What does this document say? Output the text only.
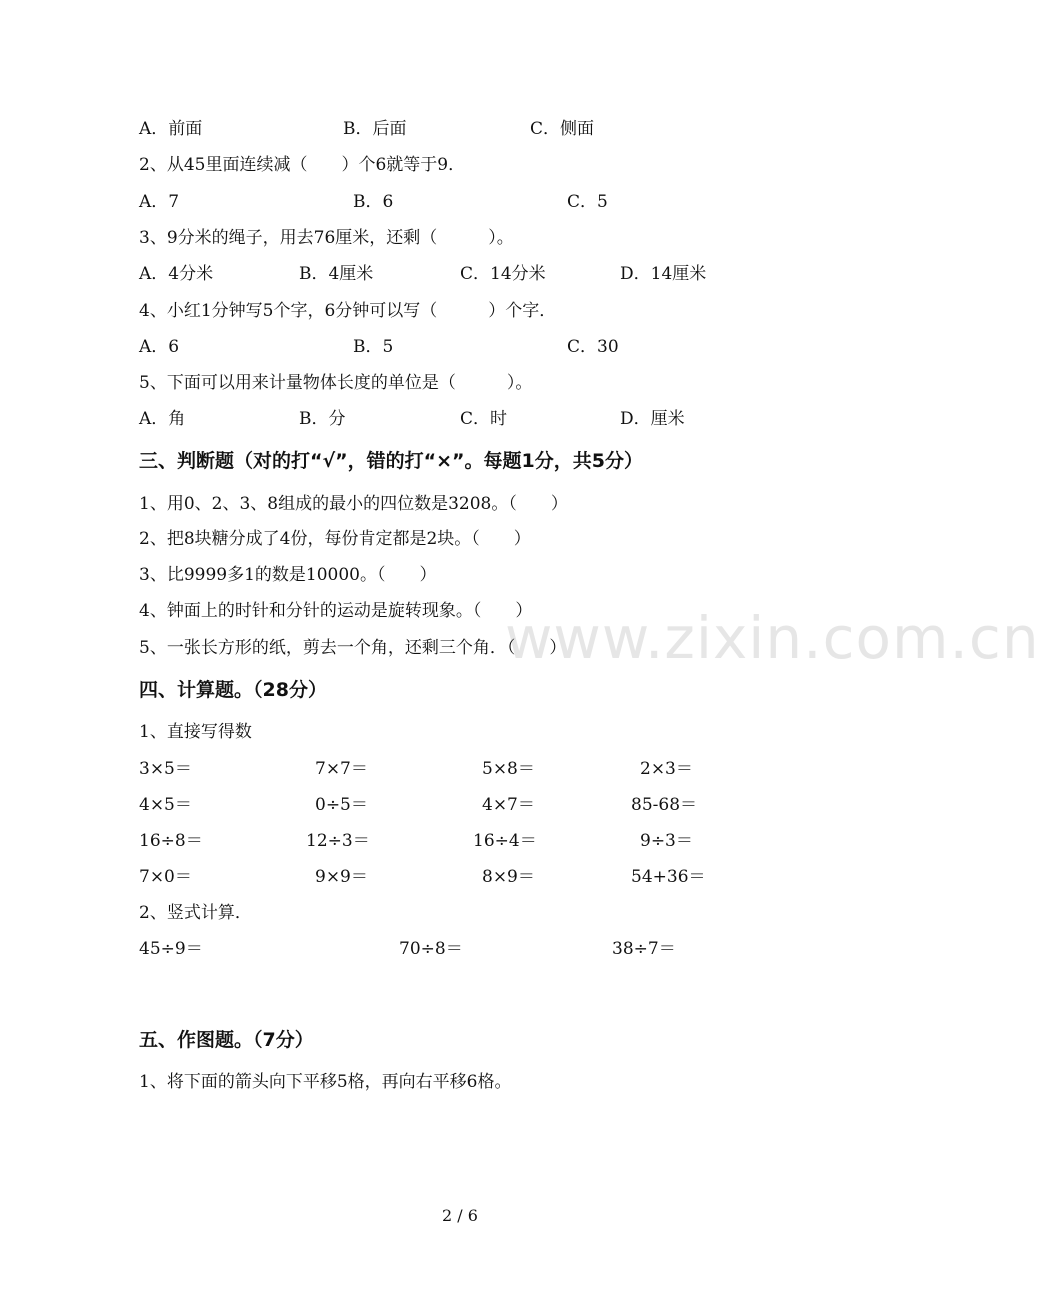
www.zixin.com.cn
A．前面	B．后面	C．侧面
2、从45里面连续减（　　）个6就等于9．
A．7	B．6	C．5
3、9分米的绳子，用去76厘米，还剩（　　　）。
A．4分米	B．4厘米	C．14分米	D．14厘米
4、小红1分钟写5个字，6分钟可以写（　　　）个字．
A．6	B．5	C．30
5、下面可以用来计量物体长度的单位是（　　　）。
A．角	B．分	C．时	D．厘米
三、判断题（对的打“√”，错的打“×”。每题1分，共5分）
1、用0、2、3、8组成的最小的四位数是3208。（　　）
2、把8块糖分成了4份，每份肯定都是2块。（　　）
3、比9999多1的数是10000。（　　）
4、钟面上的时针和分针的运动是旋转现象。（　　）
5、一张长方形的纸，剪去一个角，还剩三个角．（　　）
四、计算题。（28分）
1、直接写得数
3×5＝	7×7＝	5×8＝	2×3＝
4×5＝	0÷5＝	4×7＝	85-68＝
16÷8＝	12÷3＝	16÷4＝	9÷3＝
7×0＝	9×9＝	8×9＝	54+36＝
2、竖式计算．
45÷9＝	70÷8＝	38÷7＝
五、作图题。（7分）
1、将下面的箭头向下平移5格，再向右平移6格。
2 / 6
